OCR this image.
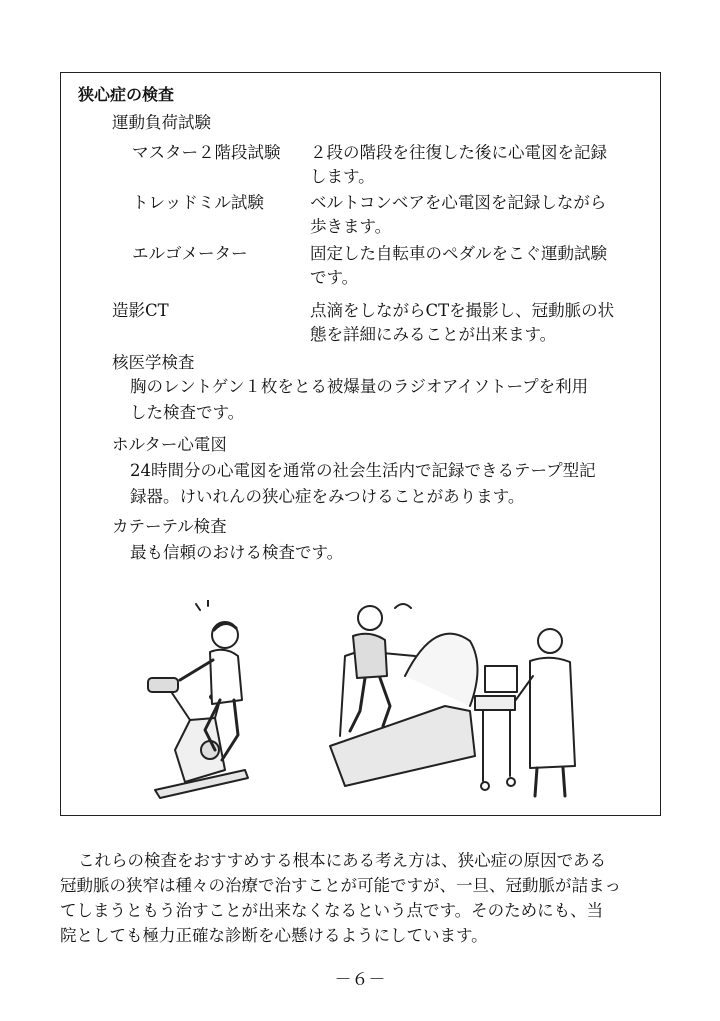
狭心症の検査
運動負荷試験
マスター２階段試験 ２段の階段を往復した後に心電図を記録
します。
トレッドミル試験	ベルトコンベアを心電図を記録しながら
歩きます。
エルゴメーター	固定した自転車のペダルをこぐ運動試験
です。
造影CT	点滴をしながらCTを撮影し、冠動脈の状
態を詳細にみることが出来ます。
核医学検査
胸のレントゲン１枚をとる被爆量のラジオアイソトープを利用
した検査です。
ホルター心電図
24時間分の心電図を通常の社会生活内で記録できるテープ型記
録器。けいれんの狭心症をみつけることがあります。
カテーテル検査
最も信頼のおける検査です。
これらの検査をおすすめする根本にある考え方は、狭心症の原因である
冠動脈の狭窄は種々の治療で治すことが可能ですが、一旦、冠動脈が詰まっ
てしまうともう治すことが出来なくなるという点です。そのためにも、当
院としても極力正確な診断を心懸けるようにしています。
－６－
